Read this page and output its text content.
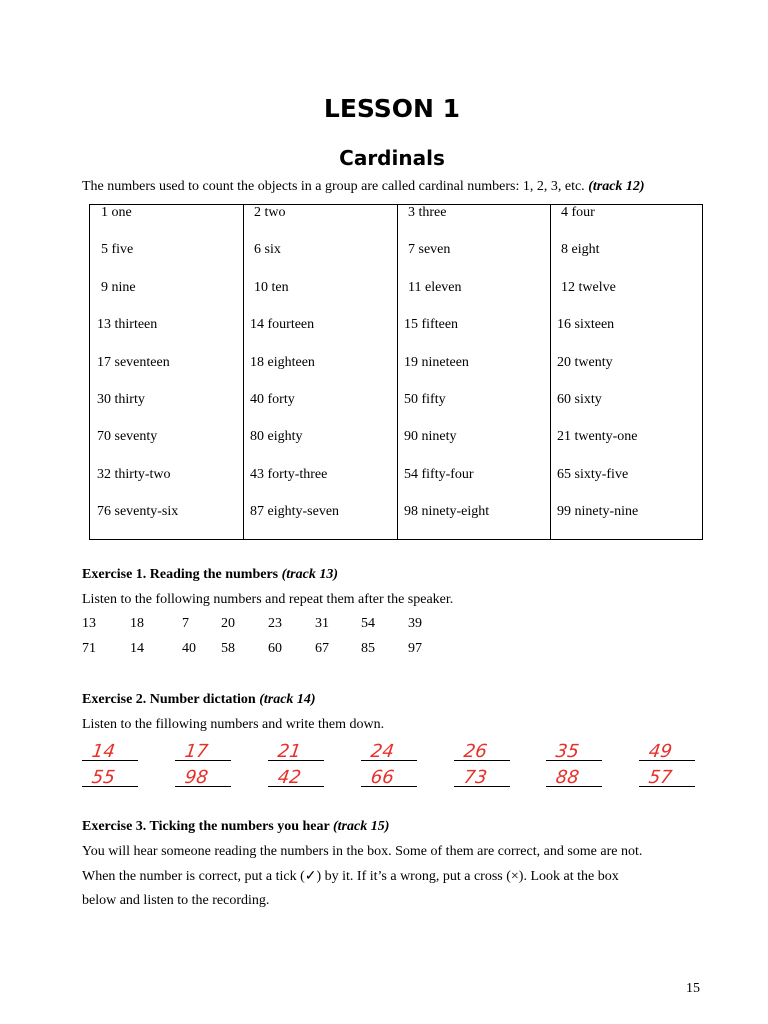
LESSON 1
Cardinals
The numbers used to count the objects in a group are called cardinal numbers: 1, 2, 3, etc. (track 12)
1 one	2 two	3 three	4 four
5 five	6 six	7 seven	8 eight
9 nine	10 ten	11 eleven	12 twelve
13 thirteen	14 fourteen	15 fifteen	16 sixteen
17 seventeen	18 eighteen	19 nineteen	20 twenty
30 thirty	40 forty	50 fifty	60 sixty
70 seventy	80 eighty	90 ninety	21 twenty-one
32 thirty-two	43 forty-three	54 fifty-four	65 sixty-five
76 seventy-six	87 eighty-seven	98 ninety-eight	99 ninety-nine
Exercise 1. Reading the numbers (track 13)
Listen to the following numbers and repeat them after the speaker.
13 18	7 20 23 31 54 39
71 14	40 58 60 67 85 97
Exercise 2. Number dictation (track 14)
Listen to the fillowing numbers and write them down.
14	17	21	24	26	35	49
55	98	42	66	73	88	57
Exercise 3. Ticking the numbers you hear (track 15)
You will hear someone reading the numbers in the box. Some of them are correct, and some are not.
When the number is correct, put a tick (✓) by it. If it’s a wrong, put a cross (×). Look at the box
below and listen to the recording.
15
